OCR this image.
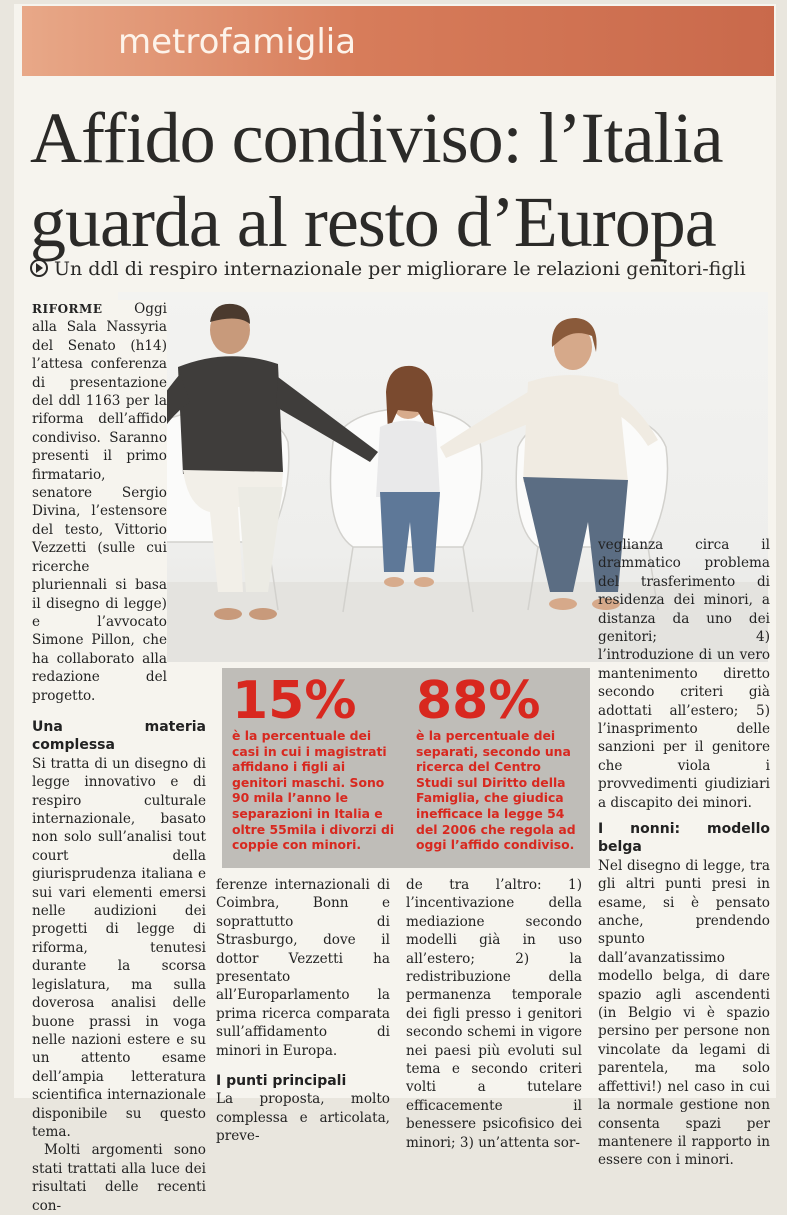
metrofamiglia
Affido condiviso: l’Italia guarda al resto d’Europa
Un ddl di respiro internazionale per migliorare le relazioni genitori-figli
RIFORME Oggi alla Sala Nassyria del Senato (h14) l’attesa conferenza di presentazione del ddl 1163 per la riforma dell’affido condiviso. Saranno presenti il primo firmatario, senatore Sergio Divina, l’estensore del testo, Vittorio Vezzetti (sulle cui ricerche pluriennali si basa il disegno di legge) e l’avvocato Simone Pillon, che ha collaborato alla redazione del progetto.
Una materia complessa
Si tratta di un disegno di legge innovativo e di respiro culturale internazionale, basato non solo sull’analisi tout court della giurisprudenza italiana e sui vari elementi emersi nelle audizioni dei progetti di legge di riforma, tenutesi durante la scorsa legislatura, ma sulla doverosa analisi delle buone prassi in voga nelle nazioni estere e su un attento esame dell’ampia letteratura scientifica internazionale disponibile su questo tema.
Molti argomenti sono stati trattati alla luce dei risultati delle recenti con-
15%
è la percentuale dei casi in cui i magistrati affidano i figli ai genitori maschi. Sono 90 mila l’anno le separazioni in Italia e oltre 55mila i divorzi di coppie con minori.
88%
è la percentuale dei separati, secondo una ricerca del Centro Studi sul Diritto della Famiglia, che giudica inefficace la legge 54 del 2006 che regola ad oggi l’affido condiviso.
ferenze internazionali di Coimbra, Bonn e soprattutto di Strasburgo, dove il dottor Vezzetti ha presentato all’Europarlamento la prima ricerca comparata sull’affidamento di minori in Europa.
I punti principali
La proposta, molto complessa e articolata, preve-
de tra l’altro: 1) l’incentivazione della mediazione secondo modelli già in uso all’estero; 2) la redistribuzione della permanenza temporale dei figli presso i genitori secondo schemi in vigore nei paesi più evoluti sul tema e secondo criteri volti a tutelare efficacemente il benessere psicofisico dei minori; 3) un’attenta sor-
veglianza circa il drammatico problema del trasferimento di residenza dei minori, a distanza da uno dei genitori; 4) l’introduzione di un vero mantenimento diretto secondo criteri già adottati all’estero; 5) l’inasprimento delle sanzioni per il genitore che viola i provvedimenti giudiziari a discapito dei minori.
I nonni: modello belga
Nel disegno di legge, tra gli altri punti presi in esame, si è pensato anche, prendendo spunto dall’avanzatissimo modello belga, di dare spazio agli ascendenti (in Belgio vi è spazio persino per persone non vincolate da legami di parentela, ma solo affettivi!) nel caso in cui la normale gestione non consenta spazi per mantenere il rapporto in essere con i minori.
